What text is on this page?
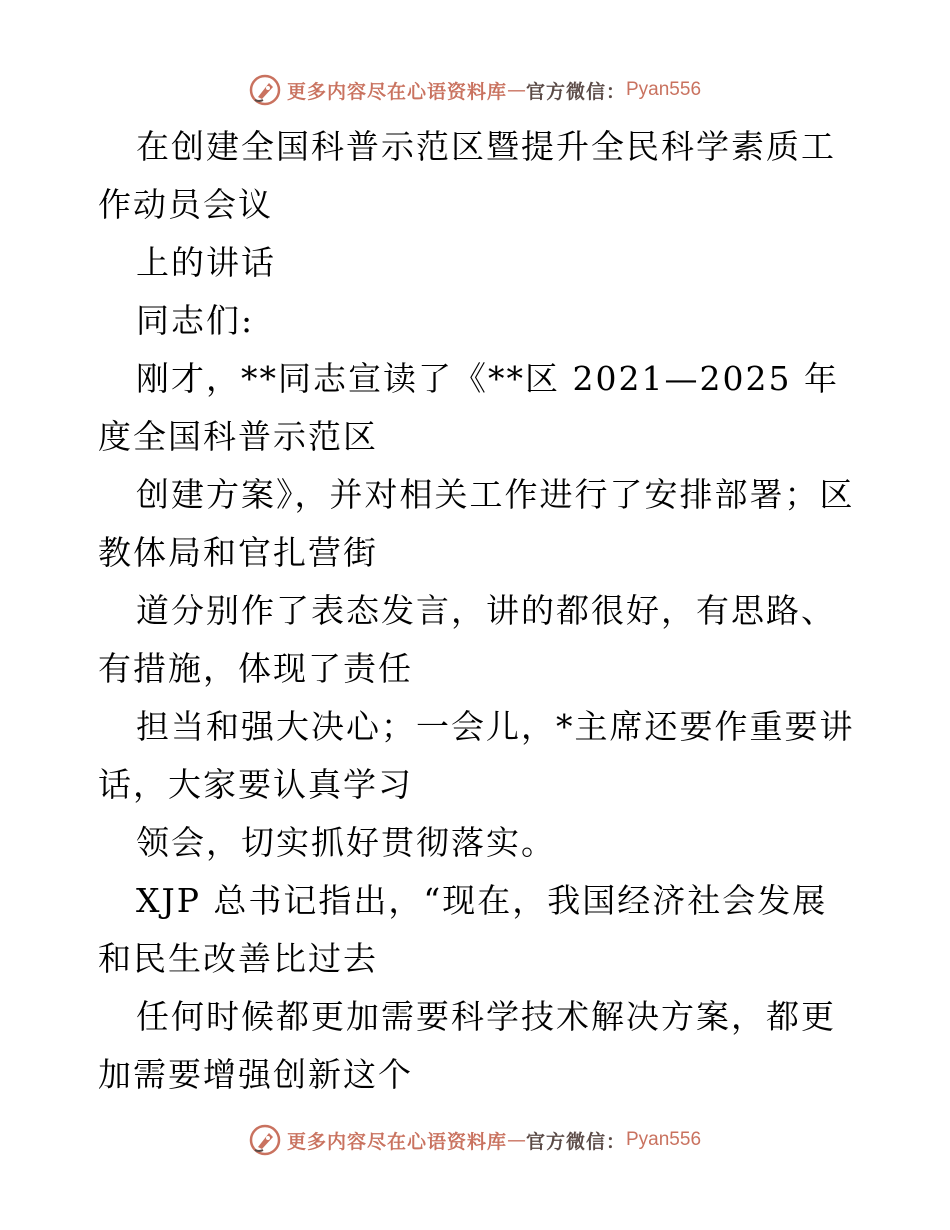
更多内容尽在心语资料库 — 官方微信： Pyan556

在创建全国科普示范区暨提升全民科学素质工作动员会议

上的讲话

同志们:

刚才，**同志宣读了《**区 2021—2025 年度全国科普示范区

创建方案》，并对相关工作进行了安排部署；区教体局和官扎营街

道分别作了表态发言，讲的都很好，有思路、有措施，体现了责任

担当和强大决心；一会儿，*主席还要作重要讲话，大家要认真学习

领会，切实抓好贯彻落实。

XJP 总书记指出，“现在，我国经济社会发展和民生改善比过去

任何时候都更加需要科学技术解决方案，都更加需要增强创新这个

更多内容尽在心语资料库 — 官方微信： Pyan556
